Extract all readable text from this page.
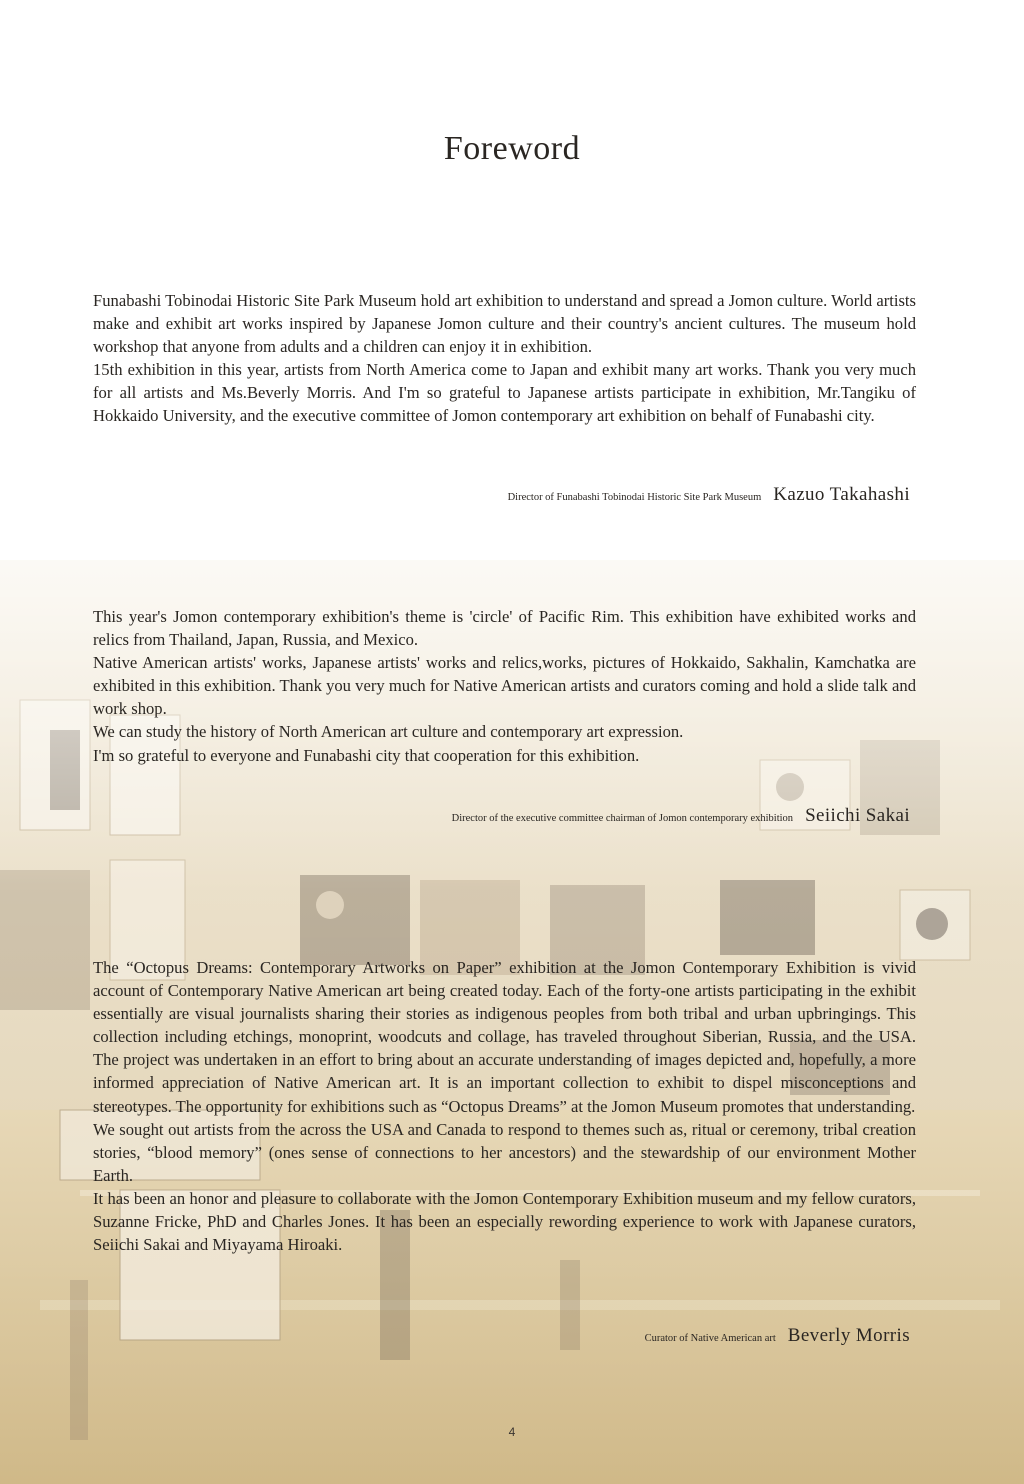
Foreword

Funabashi Tobinodai Historic Site Park Museum hold art exhibition to understand and spread a Jomon culture. World artists make and exhibit art works inspired by Japanese Jomon culture and their country's ancient cultures. The museum hold workshop that anyone from adults and a children can enjoy it in exhibition.

15th exhibition in this year, artists from North America come to Japan and exhibit many art works. Thank you very much for all artists and Ms.Beverly Morris. And I'm so grateful to Japanese artists participate in exhibition, Mr.Tangiku of Hokkaido University, and the executive committee of Jomon contemporary art exhibition on behalf of Funabashi city.

Director of Funabashi Tobinodai Historic Site Park Museum Kazuo Takahashi

This year's Jomon contemporary exhibition's theme is 'circle' of Pacific Rim. This exhibition have exhibited works and relics from Thailand, Japan, Russia, and Mexico.

Native American artists' works, Japanese artists' works and relics,works, pictures of Hokkaido, Sakhalin, Kamchatka are exhibited in this exhibition. Thank you very much for Native American artists and curators coming and hold a slide talk and work shop.

We can study the history of North American art culture and contemporary art expression.

I'm so grateful to everyone and Funabashi city that cooperation for this exhibition.

Director of the executive committee chairman of Jomon contemporary exhibition Seiichi Sakai

The “Octopus Dreams: Contemporary Artworks on Paper” exhibition at the Jomon Contemporary Exhibition is vivid account of Contemporary Native American art being created today. Each of the forty-one artists participating in the exhibit essentially are visual journalists sharing their stories as indigenous peoples from both tribal and urban upbringings. This collection including etchings, monoprint, woodcuts and collage, has traveled throughout Siberian, Russia, and the USA. The project was undertaken in an effort to bring about an accurate understanding of images depicted and, hopefully, a more informed appreciation of Native American art. It is an important collection to exhibit to dispel misconceptions and stereotypes. The opportunity for exhibitions such as “Octopus Dreams” at the Jomon Museum promotes that understanding.

We sought out artists from the across the USA and Canada to respond to themes such as, ritual or ceremony, tribal creation stories, “blood memory” (ones sense of connections to her ancestors) and the stewardship of our environment Mother Earth.

It has been an honor and pleasure to collaborate with the Jomon Contemporary Exhibition museum and my fellow curators, Suzanne Fricke, PhD and Charles Jones. It has been an especially rewording experience to work with Japanese curators, Seiichi Sakai and Miyayama Hiroaki.

Curator of Native American art Beverly Morris
4
